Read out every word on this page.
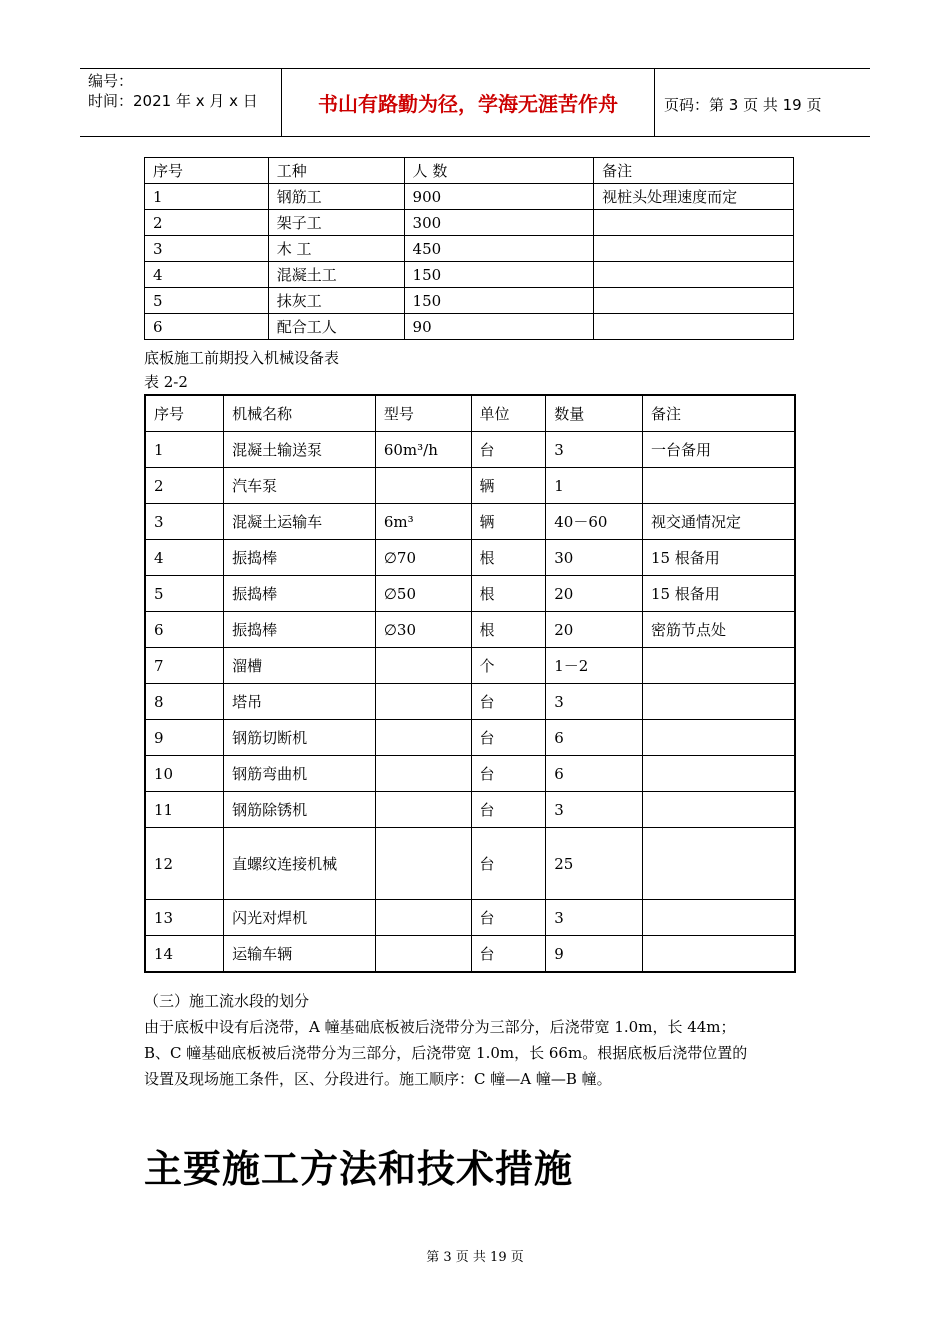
编号：
时间：2021 年 x 月 x 日	书山有路勤为径，学海无涯苦作舟	页码：第 3 页 共 19 页
序号	工种	人 数	备注
1	钢筋工	900	视桩头处理速度而定
2	架子工	300	
3	木 工	450	
4	混凝土工	150	
5	抹灰工	150	
6	配合工人	90	
底板施工前期投入机械设备表
表 2-2
序号	机械名称	型号	单位	数量	备注
1	混凝土输送泵	60m³/h	台	3	一台备用
2	汽车泵		辆	1	
3	混凝土运输车	6m³	辆	40－60	视交通情况定
4	振捣棒	∅70	根	30	15 根备用
5	振捣棒	∅50	根	20	15 根备用
6	振捣棒	∅30	根	20	密筋节点处
7	溜槽		个	1－2	
8	塔吊		台	3	
9	钢筋切断机		台	6	
10	钢筋弯曲机		台	6	
11	钢筋除锈机		台	3	
12	直螺纹连接机械		台	25	
13	闪光对焊机		台	3	
14	运输车辆		台	9	
（三）施工流水段的划分
由于底板中设有后浇带，A 幢基础底板被后浇带分为三部分，后浇带宽 1.0m，长 44m；
B、C 幢基础底板被后浇带分为三部分，后浇带宽 1.0m，长 66m。根据底板后浇带位置的
设置及现场施工条件，区、分段进行。施工顺序：C 幢—A 幢—B 幢。
主要施工方法和技术措施
第 3 页 共 19 页
